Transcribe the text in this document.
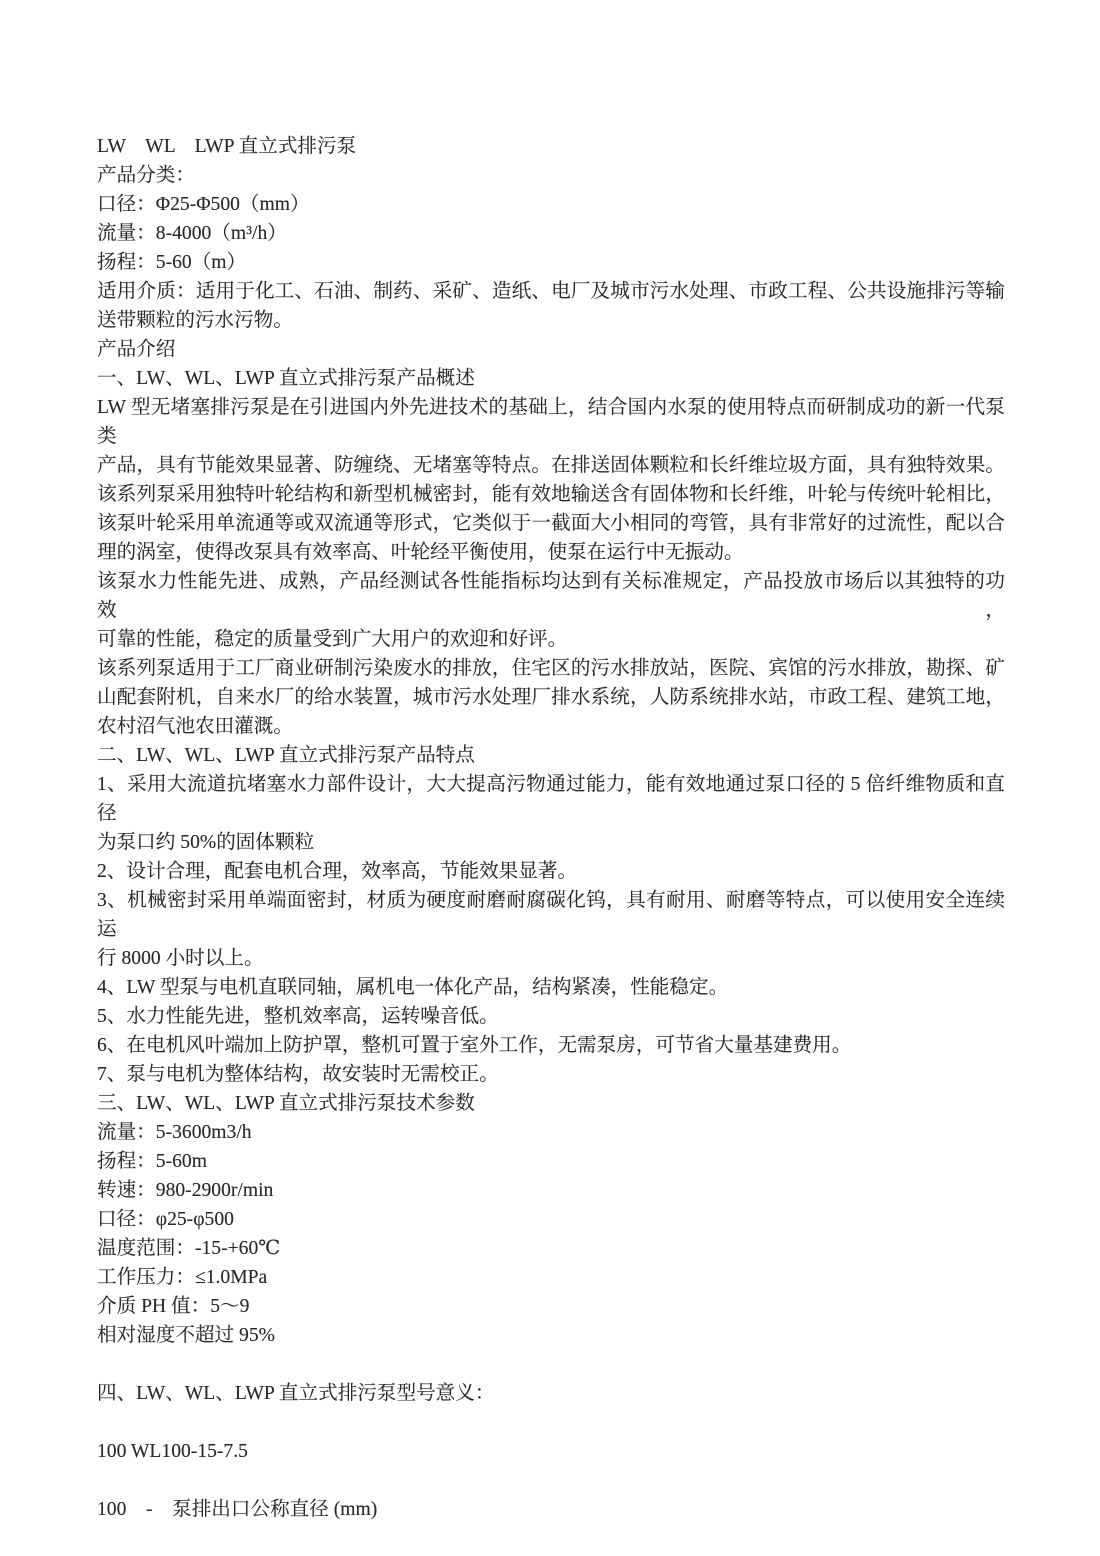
LW　WL　LWP 直立式排污泵
产品分类：
口径：Φ25-Φ500（mm）
流量：8-4000（m³/h）
扬程：5-60（m）
适用介质：适用于化工、石油、制药、采矿、造纸、电厂及城市污水处理、市政工程、公共设施排污等输
送带颗粒的污水污物。
产品介绍
一、LW、WL、LWP 直立式排污泵产品概述
LW 型无堵塞排污泵是在引进国内外先进技术的基础上，结合国内水泵的使用特点而研制成功的新一代泵类
产品，具有节能效果显著、防缠绕、无堵塞等特点。在排送固体颗粒和长纤维垃圾方面，具有独特效果。
该系列泵采用独特叶轮结构和新型机械密封，能有效地输送含有固体物和长纤维，叶轮与传统叶轮相比，
该泵叶轮采用单流通等或双流通等形式，它类似于一截面大小相同的弯管，具有非常好的过流性，配以合
理的涡室，使得改泵具有效率高、叶轮经平衡使用，使泵在运行中无振动。
该泵水力性能先进、成熟，产品经测试各性能指标均达到有关标准规定，产品投放市场后以其独特的功效，
可靠的性能，稳定的质量受到广大用户的欢迎和好评。
该系列泵适用于工厂商业研制污染废水的排放，住宅区的污水排放站，医院、宾馆的污水排放，勘探、矿
山配套附机，自来水厂的给水装置，城市污水处理厂排水系统，人防系统排水站，市政工程、建筑工地，
农村沼气池农田灌溉。
二、LW、WL、LWP 直立式排污泵产品特点
1、采用大流道抗堵塞水力部件设计，大大提高污物通过能力，能有效地通过泵口径的 5 倍纤维物质和直径
为泵口约 50%的固体颗粒
2、设计合理，配套电机合理，效率高，节能效果显著。
3、机械密封采用单端面密封，材质为硬度耐磨耐腐碳化钨，具有耐用、耐磨等特点，可以使用安全连续运
行 8000 小时以上。
4、LW 型泵与电机直联同轴，属机电一体化产品，结构紧凑，性能稳定。
5、水力性能先进，整机效率高，运转噪音低。
6、在电机风叶端加上防护罩，整机可置于室外工作，无需泵房，可节省大量基建费用。
7、泵与电机为整体结构，故安装时无需校正。
三、LW、WL、LWP 直立式排污泵技术参数
流量：5-3600m3/h
扬程：5-60m
转速：980-2900r/min
口径：φ25-φ500
温度范围：-15-+60℃
工作压力：≤1.0MPa
介质 PH 值：5～9
相对湿度不超过 95%
四、LW、WL、LWP 直立式排污泵型号意义：
100 WL100-15-7.5
100　-　泵排出口公称直径 (mm)
